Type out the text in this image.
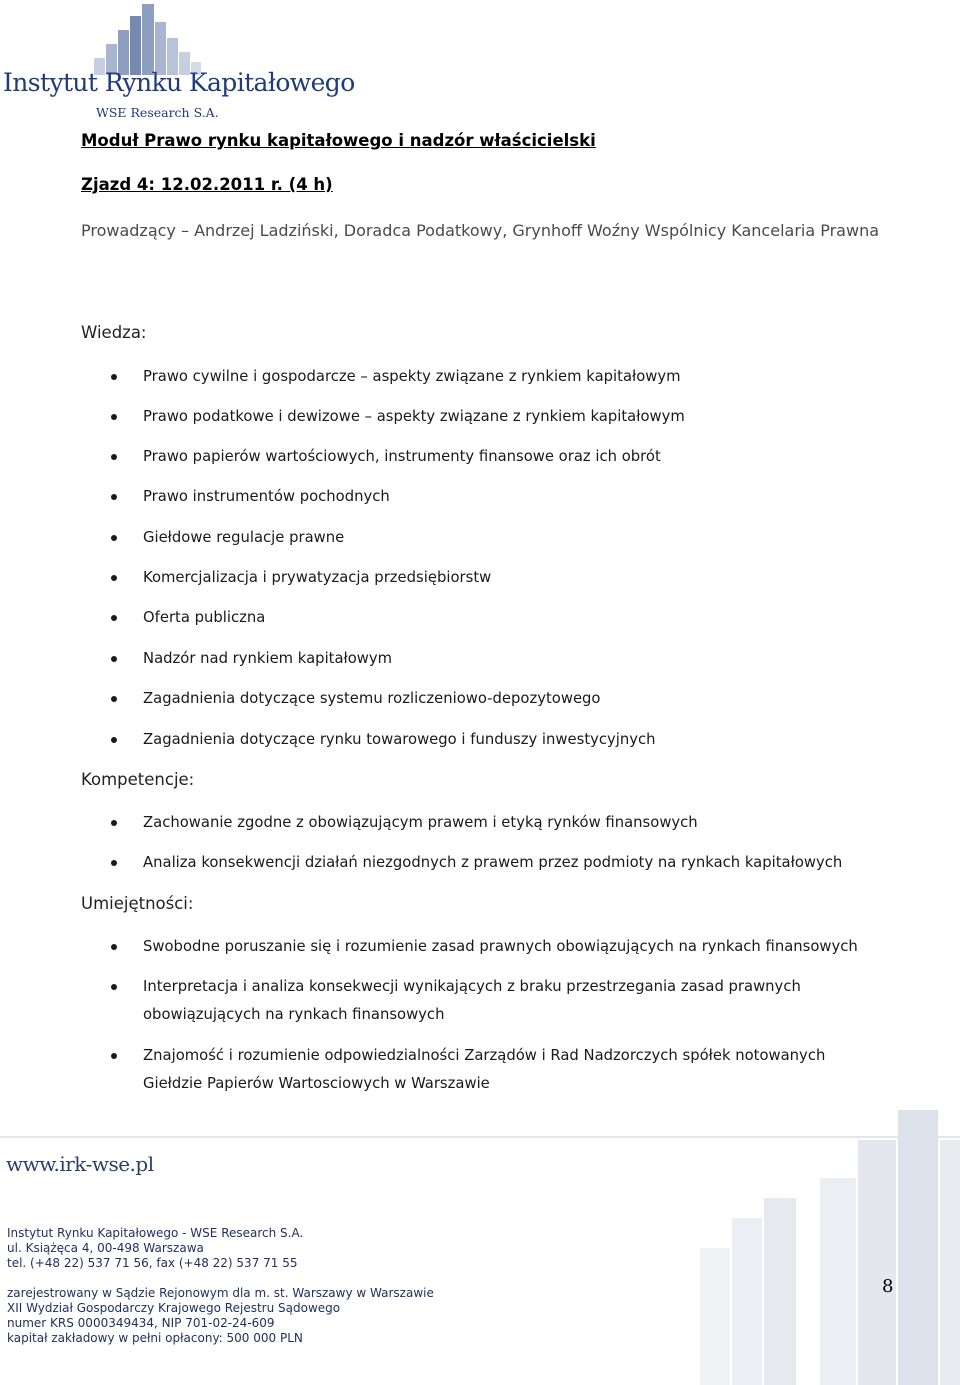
Instytut Rynku Kapitałowego
WSE Research S.A.
Moduł Prawo rynku kapitałowego i nadzór właścicielski
Zjazd 4: 12.02.2011 r. (4 h)
Prowadzący – Andrzej Ladziński, Doradca Podatkowy, Grynhoff Woźny Wspólnicy Kancelaria Prawna
Wiedza:
Prawo cywilne i gospodarcze – aspekty związane z rynkiem kapitałowym
Prawo podatkowe i dewizowe – aspekty związane z rynkiem kapitałowym
Prawo papierów wartościowych, instrumenty finansowe oraz ich obrót
Prawo instrumentów pochodnych
Giełdowe regulacje prawne
Komercjalizacja i prywatyzacja przedsiębiorstw
Oferta publiczna
Nadzór nad rynkiem kapitałowym
Zagadnienia dotyczące systemu rozliczeniowo-depozytowego
Zagadnienia dotyczące rynku towarowego i funduszy inwestycyjnych
Kompetencje:
Zachowanie zgodne z obowiązującym prawem i etyką rynków finansowych
Analiza konsekwencji działań niezgodnych z prawem przez podmioty na rynkach kapitałowych
Umiejętności:
Swobodne poruszanie się i rozumienie zasad prawnych obowiązujących na rynkach finansowych
Interpretacja i analiza konsekwecji wynikających z braku przestrzegania zasad prawnych obowiązujących na rynkach finansowych
Znajomość i rozumienie odpowiedzialności Zarządów i Rad Nadzorczych spółek notowanych Giełdzie Papierów Wartosciowych w Warszawie
www.irk-wse.pl
Instytut Rynku Kapitałowego - WSE Research S.A.
ul. Książęca 4, 00-498 Warszawa
tel. (+48 22) 537 71 56, fax (+48 22) 537 71 55
zarejestrowany w Sądzie Rejonowym dla m. st. Warszawy w Warszawie
XII Wydział Gospodarczy Krajowego Rejestru Sądowego
numer KRS 0000349434, NIP 701-02-24-609
kapitał zakładowy w pełni opłacony: 500 000 PLN
8
